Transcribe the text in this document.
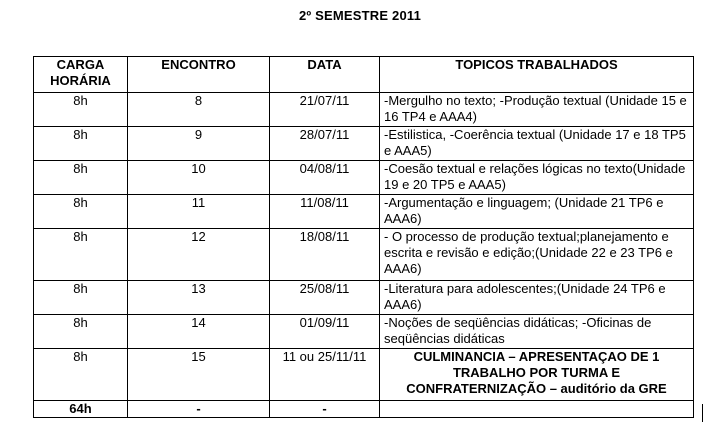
2º SEMESTRE 2011
CARGA HORÁRIA	ENCONTRO	DATA	TOPICOS TRABALHADOS
8h	8	21/07/11	-Mergulho no texto; -Produção textual (Unidade 15 e 16 TP4 e AAA4)
8h	9	28/07/11	-Estilistica, -Coerência textual (Unidade 17 e 18 TP5 e AAA5)
8h	10	04/08/11	-Coesão textual e relações lógicas no texto(Unidade 19 e 20 TP5 e AAA5)
8h	11	11/08/11	-Argumentação e linguagem; (Unidade 21 TP6 e AAA6)
8h	12	18/08/11	- O processo de produção textual;planejamento e escrita e revisão e edição;(Unidade 22 e 23 TP6 e AAA6)
8h	13	25/08/11	-Literatura para adolescentes;(Unidade 24 TP6 e AAA6)
8h	14	01/09/11	-Noções de seqüências didáticas; -Oficinas de seqüências didáticas
8h	15	11 ou 25/11/11	CULMINANCIA – APRESENTAÇAO DE 1 TRABALHO POR TURMA E CONFRATERNIZAÇÃO – auditório da GRE
64h	-	-	
